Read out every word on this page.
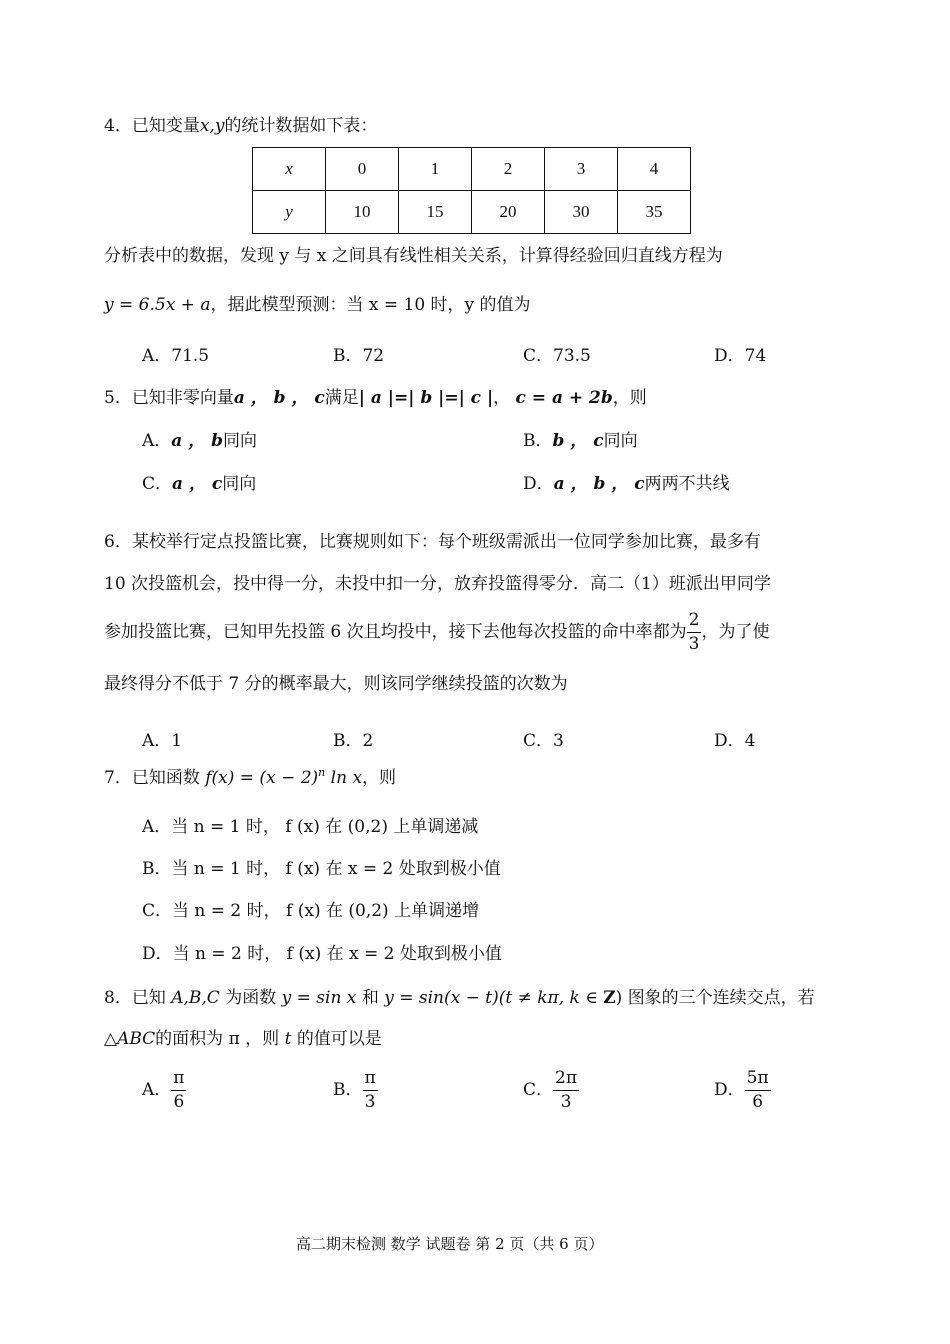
4．已知变量x,y的统计数据如下表：
x	0	1	2	3	4
y	10	15	20	30	35
分析表中的数据，发现 y 与 x 之间具有线性相关关系，计算得经验回归直线方程为
y = 6.5x + a，据此模型预测：当 x = 10 时，y 的值为
A．71.5	B．72	C．73.5	D．74
5．已知非零向量a ， b ， c满足| a |=| b |=| c |， c = a + 2b，则
A．a ， b同向	B．b ， c同向
C．a ， c同向	D．a ， b ， c两两不共线
6．某校举行定点投篮比赛，比赛规则如下：每个班级需派出一位同学参加比赛，最多有
10 次投篮机会，投中得一分，未投中扣一分，放弃投篮得零分．高二（1）班派出甲同学
参加投篮比赛，已知甲先投篮 6 次且均投中，接下去他每次投篮的命中率都为 $\frac{2}{3}$ ，为了使
最终得分不低于 7 分的概率最大，则该同学继续投篮的次数为
A．1	B．2	C．3	D．4
7．已知函数 $f(x) = (x - 2)^n$ ln x，则
A．当 n = 1 时， f (x) 在 (0,2) 上单调递减
B．当 n = 1 时， f (x) 在 x = 2 处取到极小值
C．当 n = 2 时， f (x) 在 (0,2) 上单调递增
D．当 n = 2 时， f (x) 在 x = 2 处取到极小值
8．已知 A,B,C 为函数 y = sin x 和 y = sin(x − t)(t ≠ kπ, k ∈ Z) 图象的三个连续交点，若
△ABC的面积为 π ，则 t 的值可以是
A． $\frac{\pi}{6}$	B． $\frac{\pi}{3}$	C． $\frac{2\pi}{3}$	D． $\frac{5\pi}{6}$
高二期末检测 数学 试题卷 第 2 页（共 6 页）
